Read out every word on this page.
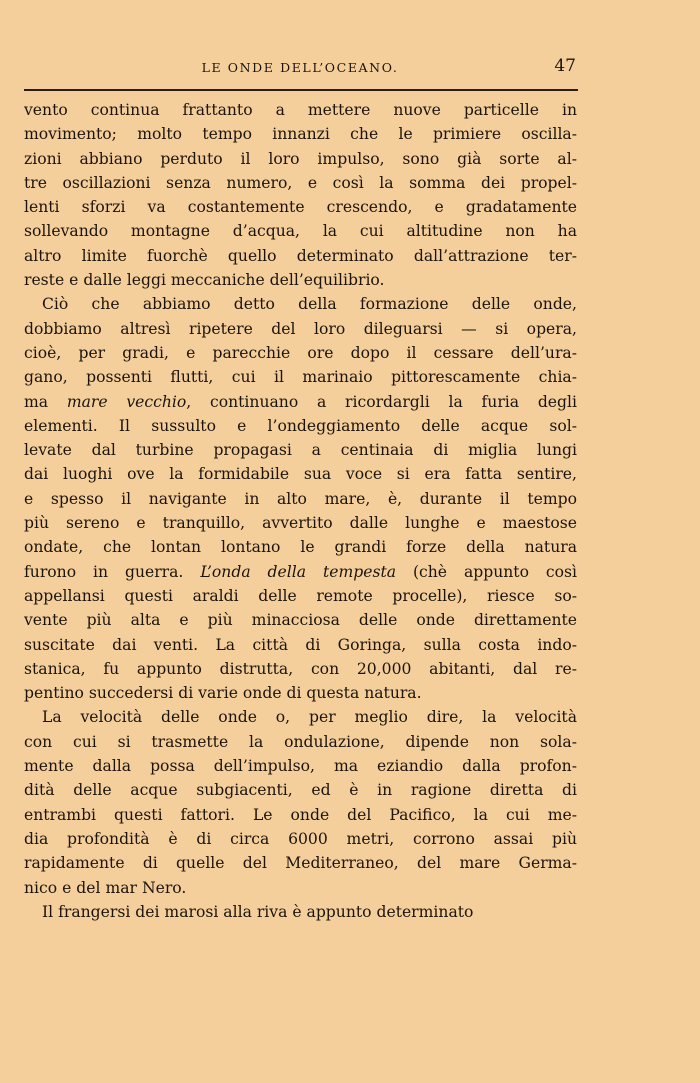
LE ONDE DELL’OCEANO.	47
vento continua frattanto a mettere nuove particelle in
movimento; molto tempo innanzi che le primiere oscilla-
zioni abbiano perduto il loro impulso, sono già sorte al-
tre oscillazioni senza numero, e così la somma dei propel-
lenti sforzi va costantemente crescendo, e gradatamente
sollevando montagne d’acqua, la cui altitudine non ha
altro limite fuorchè quello determinato dall’attrazione ter-
reste e dalle leggi meccaniche dell’equilibrio.
Ciò che abbiamo detto della formazione delle onde,
dobbiamo altresì ripetere del loro dileguarsi — si opera,
cioè, per gradi, e parecchie ore dopo il cessare dell’ura-
gano, possenti flutti, cui il marinaio pittorescamente chia-
ma mare vecchio, continuano a ricordargli la furia degli
elementi. Il sussulto e l’ondeggiamento delle acque sol-
levate dal turbine propagasi a centinaia di miglia lungi
dai luoghi ove la formidabile sua voce si era fatta sentire,
e spesso il navigante in alto mare, è, durante il tempo
più sereno e tranquillo, avvertito dalle lunghe e maestose
ondate, che lontan lontano le grandi forze della natura
furono in guerra. L’onda della tempesta (chè appunto così
appellansi questi araldi delle remote procelle), riesce so-
vente più alta e più minacciosa delle onde direttamente
suscitate dai venti. La città di Goringa, sulla costa indo-
stanica, fu appunto distrutta, con 20,000 abitanti, dal re-
pentino succedersi di varie onde di questa natura.
La velocità delle onde o, per meglio dire, la velocità
con cui si trasmette la ondulazione, dipende non sola-
mente dalla possa dell’impulso, ma eziandio dalla profon-
dità delle acque subgiacenti, ed è in ragione diretta di
entrambi questi fattori. Le onde del Pacifico, la cui me-
dia profondità è di circa 6000 metri, corrono assai più
rapidamente di quelle del Mediterraneo, del mare Germa-
nico e del mar Nero.
Il frangersi dei marosi alla riva è appunto determinato
